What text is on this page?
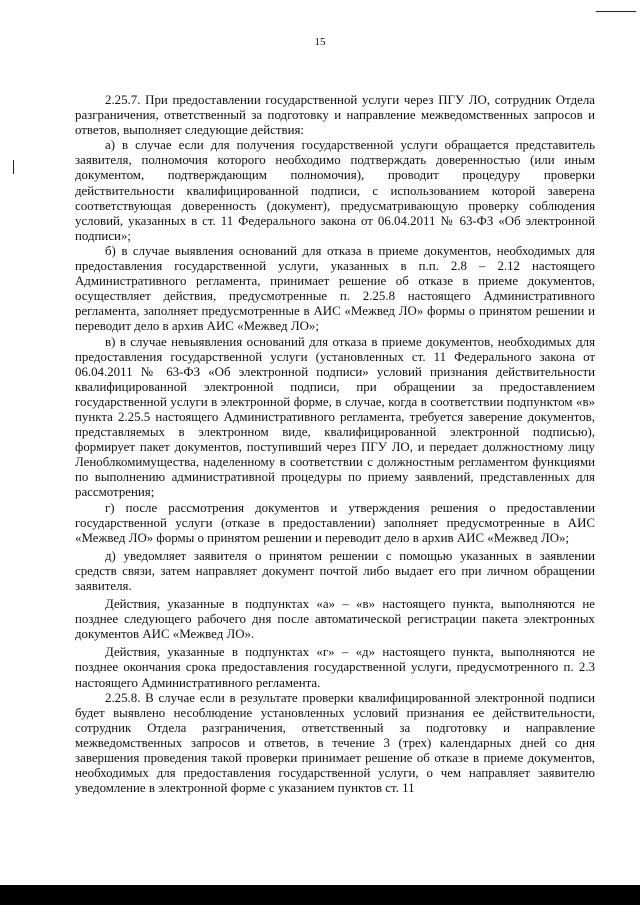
15

2.25.7. При предоставлении государственной услуги через ПГУ ЛО, сотрудник Отдела разграничения, ответственный за подготовку и направление межведомственных запросов и ответов, выполняет следующие действия:

а) в случае если для получения государственной услуги обращается представитель заявителя, полномочия которого необходимо подтверждать доверенностью (или иным документом, подтверждающим полномочия), проводит процедуру проверки действительности квалифицированной подписи, с использованием которой заверена соответствующая доверенность (документ), предусматривающую проверку соблюдения условий, указанных в ст. 11 Федерального закона от 06.04.2011 № 63-ФЗ «Об электронной подписи»;

б) в случае выявления оснований для отказа в приеме документов, необходимых для предоставления государственной услуги, указанных в п.п. 2.8 – 2.12 настоящего Административного регламента, принимает решение об отказе в приеме документов, осуществляет действия, предусмотренные п. 2.25.8 настоящего Административного регламента, заполняет предусмотренные в АИС «Межвед ЛО» формы о принятом решении и переводит дело в архив АИС «Межвед ЛО»;

в) в случае невыявления оснований для отказа в приеме документов, необходимых для предоставления государственной услуги (установленных ст. 11 Федерального закона от 06.04.2011 № 63-ФЗ «Об электронной подписи» условий признания действительности квалифицированной электронной подписи, при обращении за предоставлением государственной услуги в электронной форме, в случае, когда в соответствии подпунктом «в» пункта 2.25.5 настоящего Административного регламента, требуется заверение документов, представляемых в электронном виде, квалифицированной электронной подписью), формирует пакет документов, поступивший через ПГУ ЛО, и передает должностному лицу Леноблкомимущества, наделенному в соответствии с должностным регламентом функциями по выполнению административной процедуры по приему заявлений, представленных для рассмотрения;

г) после рассмотрения документов и утверждения решения о предоставлении государственной услуги (отказе в предоставлении) заполняет предусмотренные в АИС «Межвед ЛО» формы о принятом решении и переводит дело в архив АИС «Межвед ЛО»;

д) уведомляет заявителя о принятом решении с помощью указанных в заявлении средств связи, затем направляет документ почтой либо выдает его при личном обращении заявителя.

Действия, указанные в подпунктах «а» – «в» настоящего пункта, выполняются не позднее следующего рабочего дня после автоматической регистрации пакета электронных документов АИС «Межвед ЛО».

Действия, указанные в подпунктах «г» – «д» настоящего пункта, выполняются не позднее окончания срока предоставления государственной услуги, предусмотренного п. 2.3 настоящего Административного регламента.

2.25.8. В случае если в результате проверки квалифицированной электронной подписи будет выявлено несоблюдение установленных условий признания ее действительности, сотрудник Отдела разграничения, ответственный за подготовку и направление межведомственных запросов и ответов, в течение 3 (трех) календарных дней со дня завершения проведения такой проверки принимает решение об отказе в приеме документов, необходимых для предоставления государственной услуги, о чем направляет заявителю уведомление в электронной форме с указанием пунктов ст. 11
